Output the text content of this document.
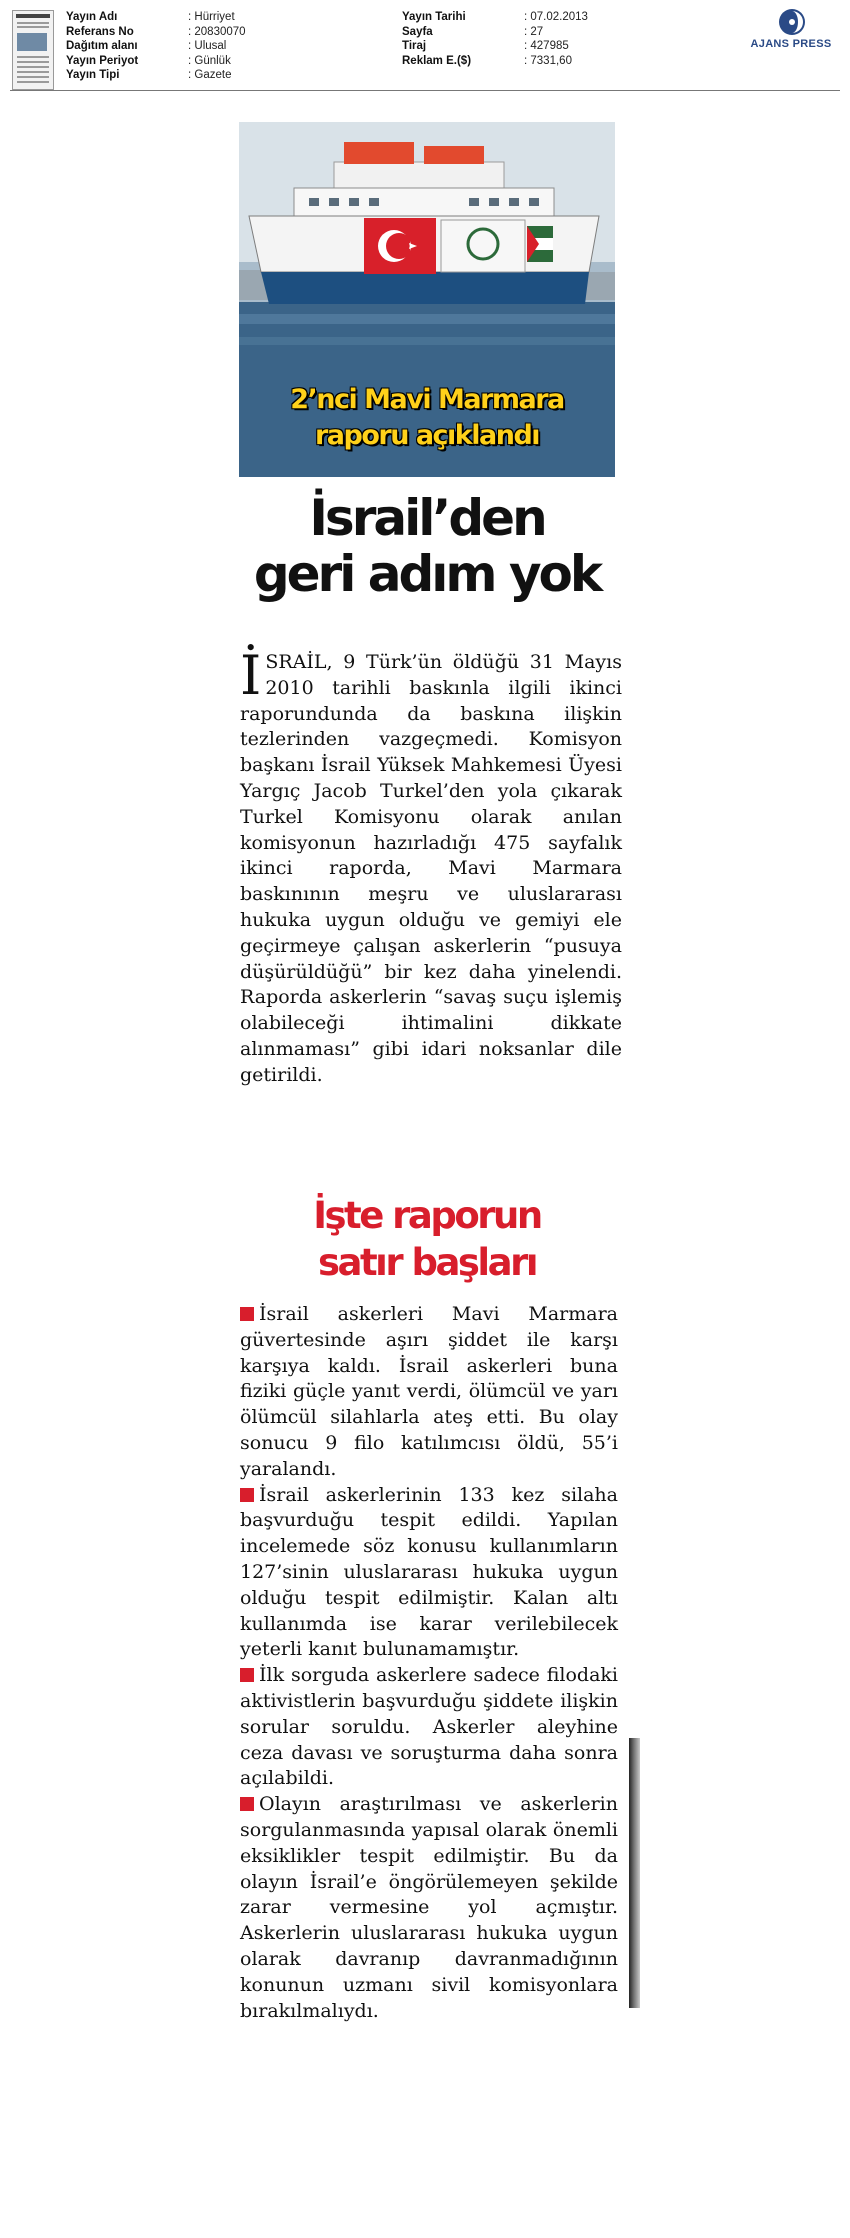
Yayın Adı	: Hürriyet
Referans No	: 20830070
Dağıtım alanı	: Ulusal
Yayın Periyot	: Günlük
Yayın Tipi	: Gazete
Yayın Tarihi	: 07.02.2013
Sayfa	: 27
Tiraj	: 427985
Reklam E.($)	: 7331,60
AJANS PRESS
2’nci Mavi Marmara
raporu açıklandı
İsrail’den
geri adım yok
İSRAİL, 9 Türk’ün öldüğü 31 Mayıs 2010 tarihli baskınla ilgili ikinci raporundunda da baskına ilişkin tezlerinden vazgeçmedi. Komisyon başkanı İsrail Yüksek Mahkemesi Üyesi Yargıç Jacob Turkel’den yola çıkarak Turkel Komisyonu olarak anılan komisyonun hazırladığı 475 sayfalık ikinci raporda, Mavi Marmara baskınının meşru ve uluslararası hukuka uygun olduğu ve gemiyi ele geçirmeye çalışan askerlerin “pusuya düşürüldüğü” bir kez daha yinelendi. Raporda askerlerin “savaş suçu işlemiş olabileceği ihtimalini dikkate alınmaması” gibi idari noksanlar dile getirildi.
İşte raporun
satır başları

İsrail askerleri Mavi Marmara güvertesinde aşırı şiddet ile karşı karşıya kaldı. İsrail askerleri buna fiziki güçle yanıt verdi, ölümcül ve yarı ölümcül silahlarla ateş etti. Bu olay sonucu 9 filo katılımcısı öldü, 55’i yaralandı.

İsrail askerlerinin 133 kez silaha başvurduğu tespit edildi. Yapılan incelemede söz konusu kullanımların 127’sinin uluslararası hukuka uygun olduğu tespit edilmiştir. Kalan altı kullanımda ise karar verilebilecek yeterli kanıt bulunamamıştır.

İlk sorguda askerlere sadece filodaki aktivistlerin başvurduğu şiddete ilişkin sorular soruldu. Askerler aleyhine ceza davası ve soruşturma daha sonra açılabildi.

Olayın araştırılması ve askerlerin sorgulanmasında yapısal olarak önemli eksiklikler tespit edilmiştir. Bu da olayın İsrail’e öngörülemeyen şekilde zarar vermesine yol açmıştır. Askerlerin uluslararası hukuka uygun olarak davranıp davranmadığının konunun uzmanı sivil komisyonlara bırakılmalıydı.
